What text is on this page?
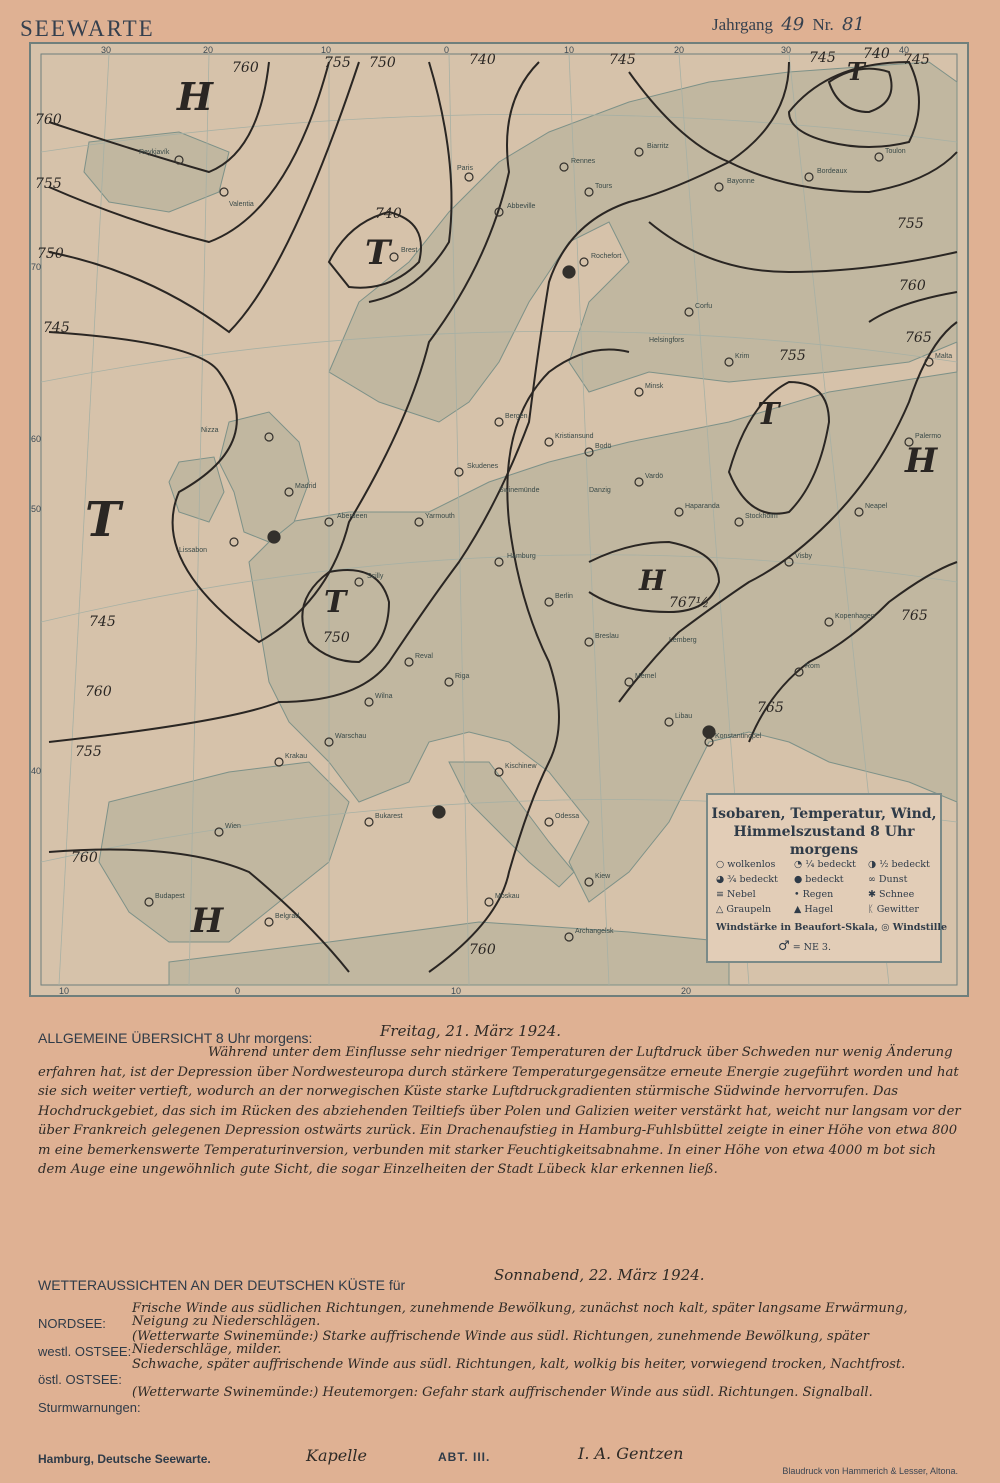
SEEWARTE	Jahrgang 49 Nr. 81
760	755 750	740
760
755
750
745
745
760
755
760
740
750
755
767½
765
760
745	740
745	745
755
760
765
765
H
H
H
H
T
T
T
T
T
30	20	10	0	10	20	30	40
10	0	10	20
70
60
50
40
Reykjavík
Valentia
Brest
Paris
Abbeville
Rennes
Tours
Rochefort
Biarritz
Bayonne
Bordeaux
Toulon
Nizza
Madrid
Lissabon
Aberdeen
Scilly
Yarmouth
Skudenes
Bergen
Kristiansund
Bodö
Vardö
Haparanda
Stockholm
Visby
Kopenhagen
Hamburg
Berlin
Breslau
Memel
Libau
Riga
Reval
Wilna
Warschau
Krakau
Wien
Budapest
Belgrad
Bukarest
Kischinew
Odessa
Kiew
Moskau
Archangelsk
Konstantinopel
Rom
Neapel
Palermo
Malta
Corfu
Krim
Minsk
Helsingfors
Danzig
Swinemünde
Lemberg
Isobaren, Temperatur, Wind,
Himmelszustand 8 Uhr morgens
○ wolkenlos ◔ ¼ bedeckt ◑ ½ bedeckt
◕ ¾ bedeckt ● bedeckt	∞ Dunst
≡ Nebel	• Regen	✱ Schnee
△ Graupeln ▲ Hagel	ᛕ Gewitter
Windstärke in Beaufort-Skala, ◎ Windstille
♂ = NE 3.
ALLGEMEINE ÜBERSICHT 8 Uhr morgens:	Freitag, 21. März 1924.
Während unter dem Einflusse sehr niedriger Temperaturen der Luftdruck über Schweden nur wenig Änderung erfahren hat, ist der Depression über Nordwesteuropa durch stärkere Temperaturgegensätze erneute Energie zugeführt worden und hat sie sich weiter vertieft, wodurch an der norwegischen Küste starke Luftdruckgradienten stürmische Südwinde hervorrufen. Das Hochdruckgebiet, das sich im Rücken des abziehenden Teiltiefs über Polen und Galizien weiter verstärkt hat, weicht nur langsam vor der über Frankreich gelegenen Depression ostwärts zurück. Ein Drachenaufstieg in Hamburg-Fuhlsbüttel zeigte in einer Höhe von etwa 800 m eine bemerkenswerte Temperaturinversion, verbunden mit starker Feuchtigkeitsabnahme. In einer Höhe von etwa 4000 m bot sich dem Auge eine ungewöhnlich gute Sicht, die sogar Einzelheiten der Stadt Lübeck klar erkennen ließ.
WETTERAUSSICHTEN AN DER DEUTSCHEN KÜSTE für
Sonnabend, 22. März 1924.
NORDSEE:
Frische Winde aus südlichen Richtungen, zunehmende Bewölkung, zunächst noch kalt, später langsame Erwärmung, Neigung zu Niederschlägen.
westl. OSTSEE:
(Wetterwarte Swinemünde:) Starke auffrischende Winde aus südl. Richtungen, zunehmende Bewölkung, später Niederschläge, milder.
östl. OSTSEE:
Schwache, später auffrischende Winde aus südl. Richtungen, kalt, wolkig bis heiter, vorwiegend trocken, Nachtfrost.
Sturmwarnungen:
(Wetterwarte Swinemünde:) Heutemorgen: Gefahr stark auffrischender Winde aus südl. Richtungen. Signalball.
Hamburg, Deutsche Seewarte.	Kapelle	ABT. III.	I. A. Gentzen
Blaudruck von Hammerich & Lesser, Altona.
